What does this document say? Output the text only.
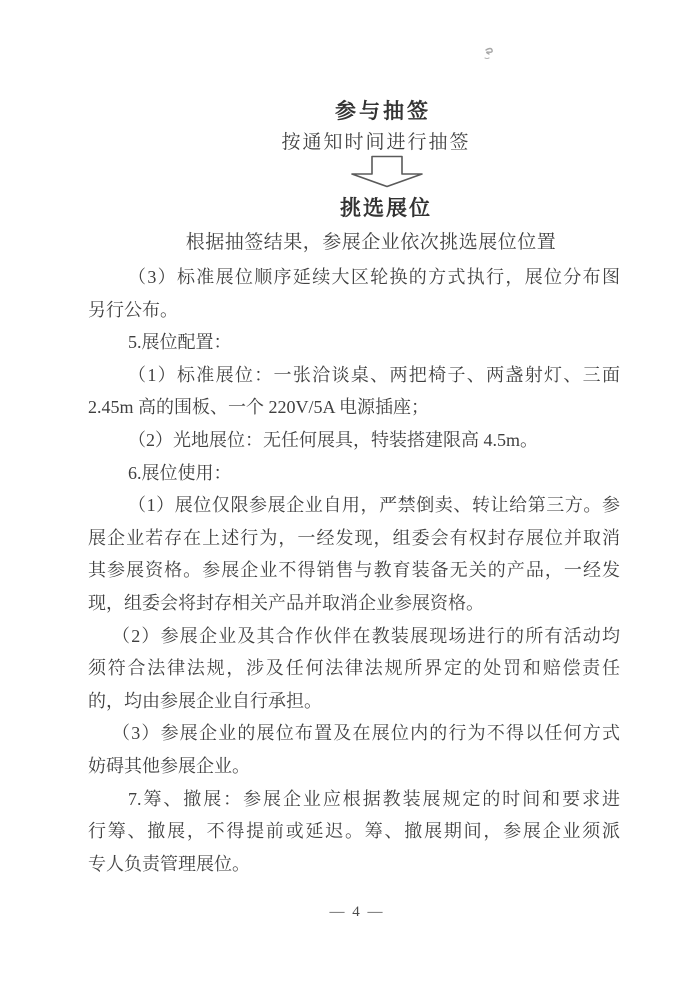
参与抽签
按通知时间进行抽签
挑选展位
根据抽签结果，参展企业依次挑选展位位置
（3）标准展位顺序延续大区轮换的方式执行，展位分布图
另行公布。
5.展位配置：
（1）标准展位：一张洽谈桌、两把椅子、两盏射灯、三面
2.45m 高的围板、一个 220V/5A 电源插座；
（2）光地展位：无任何展具，特装搭建限高 4.5m。
6.展位使用：
（1）展位仅限参展企业自用，严禁倒卖、转让给第三方。参
展企业若存在上述行为，一经发现，组委会有权封存展位并取消
其参展资格。参展企业不得销售与教育装备无关的产品，一经发
现，组委会将封存相关产品并取消企业参展资格。
（2）参展企业及其合作伙伴在教装展现场进行的所有活动均
须符合法律法规，涉及任何法律法规所界定的处罚和赔偿责任
的，均由参展企业自行承担。
（3）参展企业的展位布置及在展位内的行为不得以任何方式
妨碍其他参展企业。
7.筹、撤展：参展企业应根据教装展规定的时间和要求进
行筹、撤展，不得提前或延迟。筹、撤展期间，参展企业须派
专人负责管理展位。
— 4 —
